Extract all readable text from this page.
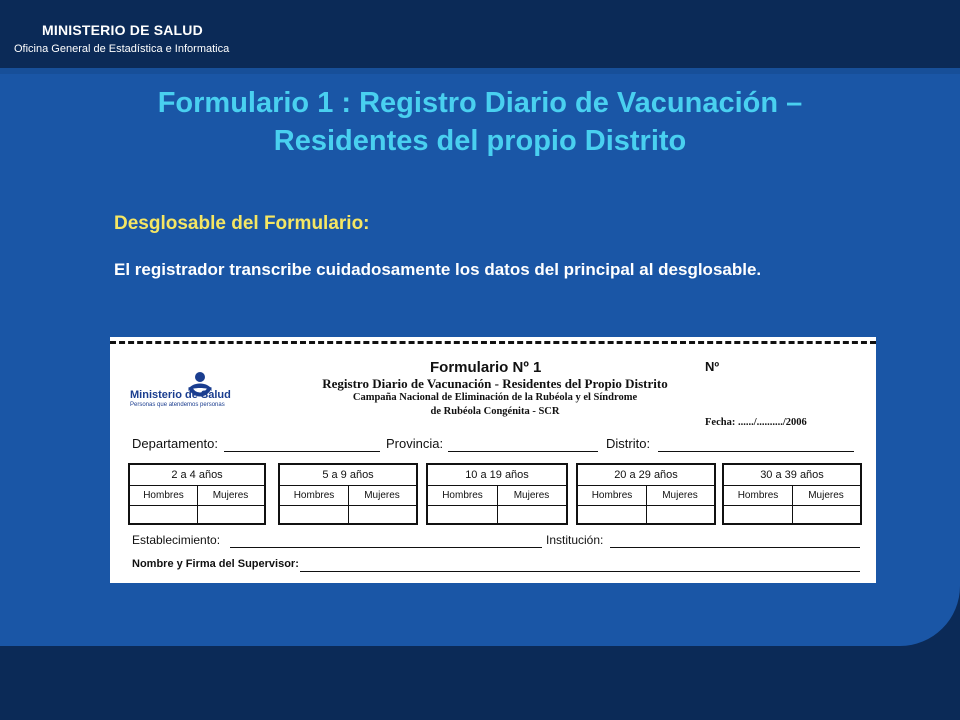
MINISTERIO DE SALUD
Oficina General de Estadística e Informatica
Formulario 1 : Registro Diario de Vacunación –
Residentes del propio Distrito
Desglosable del Formulario:
El registrador transcribe cuidadosamente los datos del principal al desglosable.
Ministerio de Salud
Personas que atendemos personas
Formulario Nº 1	Nº
Registro Diario de Vacunación - Residentes del Propio Distrito
Campaña Nacional de Eliminación de la Rubéola y el Síndrome
de Rubéola Congénita - SCR
Fecha: ....../........../2006
Departamento:	Provincia:	Distrito:
2 a 4 años
Hombres	Mujeres
5 a 9 años
Hombres	Mujeres
10 a 19 años
Hombres	Mujeres
20 a 29 años
Hombres	Mujeres
30 a 39 años
Hombres	Mujeres
Establecimiento:	Institución:
Nombre y Firma del Supervisor:
